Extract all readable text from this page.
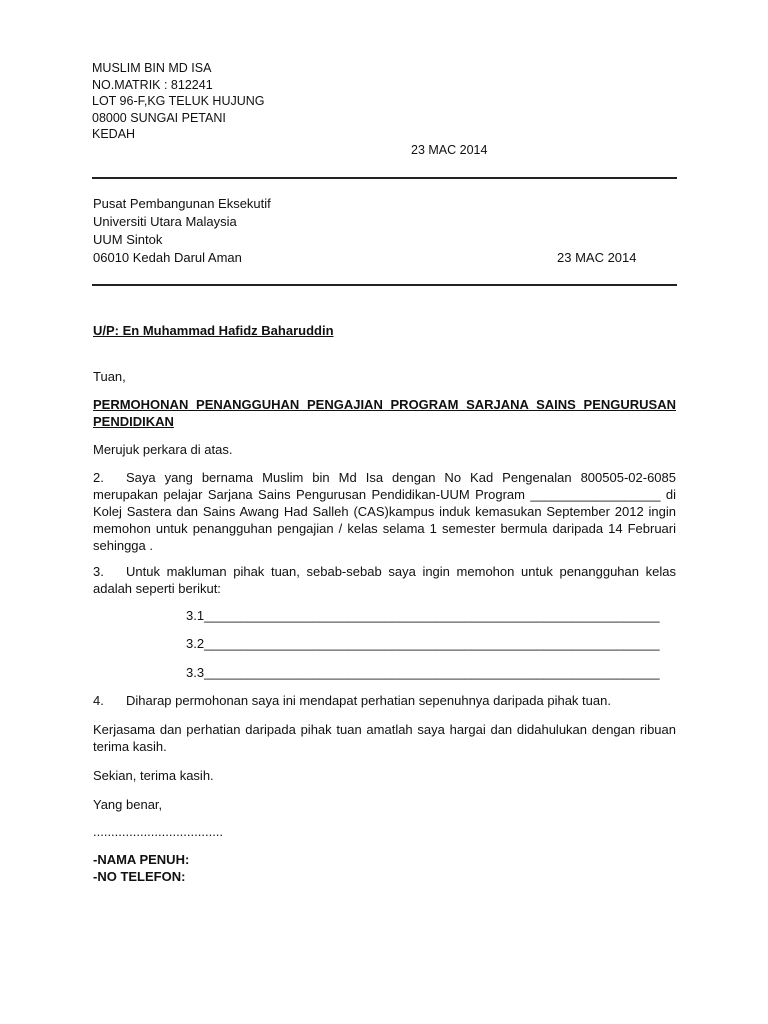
MUSLIM BIN MD ISA
NO.MATRIK : 812241
LOT 96-F,KG TELUK HUJUNG
08000 SUNGAI PETANI
KEDAH
23 MAC 2014
Pusat Pembangunan Eksekutif
Universiti Utara Malaysia
UUM Sintok
06010 Kedah Darul Aman	23 MAC 2014
U/P: En Muhammad Hafidz Baharuddin
Tuan,
PERMOHONAN PENANGGUHAN PENGAJIAN PROGRAM SARJANA SAINS PENGURUSAN
PENDIDIKAN
Merujuk perkara di atas.
2.	Saya yang bernama Muslim bin Md Isa dengan No Kad Pengenalan 800505-02-6085
merupakan pelajar Sarjana Sains Pengurusan Pendidikan-UUM Program __________________ di
Kolej Sastera dan Sains Awang Had Salleh (CAS)kampus induk kemasukan September 2012 ingin
memohon untuk penangguhan pengajian / kelas selama 1 semester bermula daripada 14 Februari
sehingga .
3.	Untuk makluman pihak tuan, sebab-sebab saya ingin memohon untuk penangguhan kelas
adalah seperti berikut:
3.1_______________________________________________________________
3.2_______________________________________________________________
3.3_______________________________________________________________
4. Diharap permohonan saya ini mendapat perhatian sepenuhnya daripada pihak tuan.
Kerjasama dan perhatian daripada pihak tuan amatlah saya hargai dan didahulukan dengan ribuan
terima kasih.
Sekian, terima kasih.
Yang benar,
....................................
-NAMA PENUH:
-NO TELEFON:
